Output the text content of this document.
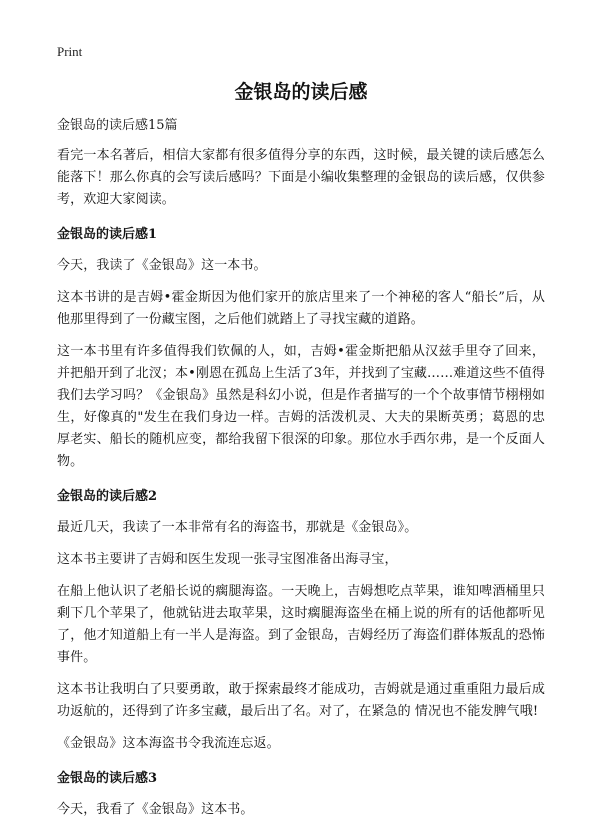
Print
金银岛的读后感
金银岛的读后感15篇

看完一本名著后，相信大家都有很多值得分享的东西，这时候，最关键的读后感怎么能落下！那么你真的会写读后感吗？下面是小编收集整理的金银岛的读后感，仅供参考，欢迎大家阅读。

金银岛的读后感1

今天，我读了《金银岛》这一本书。

这本书讲的是吉姆•霍金斯因为他们家开的旅店里来了一个神秘的客人“船长”后，从他那里得到了一份藏宝图，之后他们就踏上了寻找宝藏的道路。

这一本书里有许多值得我们钦佩的人，如，吉姆•霍金斯把船从汉兹手里夺了回来，并把船开到了北汊；本•刚恩在孤岛上生活了3年，并找到了宝藏……难道这些不值得我们去学习吗？《金银岛》虽然是科幻小说，但是作者描写的一个个故事情节栩栩如生，好像真的"发生在我们身边一样。吉姆的活泼机灵、大夫的果断英勇；葛恩的忠厚老实、船长的随机应变，都给我留下很深的印象。那位水手西尔弗，是一个反面人物。

金银岛的读后感2

最近几天，我读了一本非常有名的海盗书，那就是《金银岛》。

这本书主要讲了吉姆和医生发现一张寻宝图准备出海寻宝，

在船上他认识了老船长说的瘸腿海盗。一天晚上，吉姆想吃点苹果，谁知啤酒桶里只剩下几个苹果了，他就钻进去取苹果，这时瘸腿海盗坐在桶上说的所有的话他都听见了，他才知道船上有一半人是海盗。到了金银岛，吉姆经历了海盗们群体叛乱的恐怖事件。

这本书让我明白了只要勇敢，敢于探索最终才能成功，吉姆就是通过重重阻力最后成功返航的，还得到了许多宝藏，最后出了名。对了，在紧急的 情况也不能发脾气哦!

《金银岛》这本海盗书令我流连忘返。

金银岛的读后感3

今天，我看了《金银岛》这本书。
